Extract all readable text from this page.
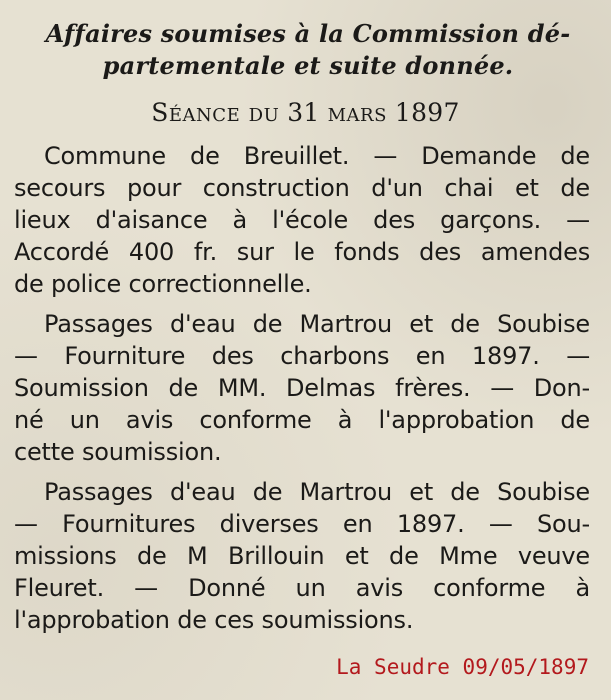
Affaires soumises à la Commission dé-
partementale et suite donnée.
Séance du 31 mars 1897
Commune de Breuillet. — Demande de
secours pour construction d'un chai et de
lieux d'aisance à l'école des garçons. —
Accordé 400 fr. sur le fonds des amendes
de police correctionnelle.
Passages d'eau de Martrou et de Soubise
— Fourniture des charbons en 1897. —
Soumission de MM. Delmas frères. — Don-
né un avis conforme à l'approbation de
cette soumission.
Passages d'eau de Martrou et de Soubise
— Fournitures diverses en 1897. — Sou-
missions de M Brillouin et de Mme veuve
Fleuret. — Donné un avis conforme à
l'approbation de ces soumissions.
La Seudre 09/05/1897
